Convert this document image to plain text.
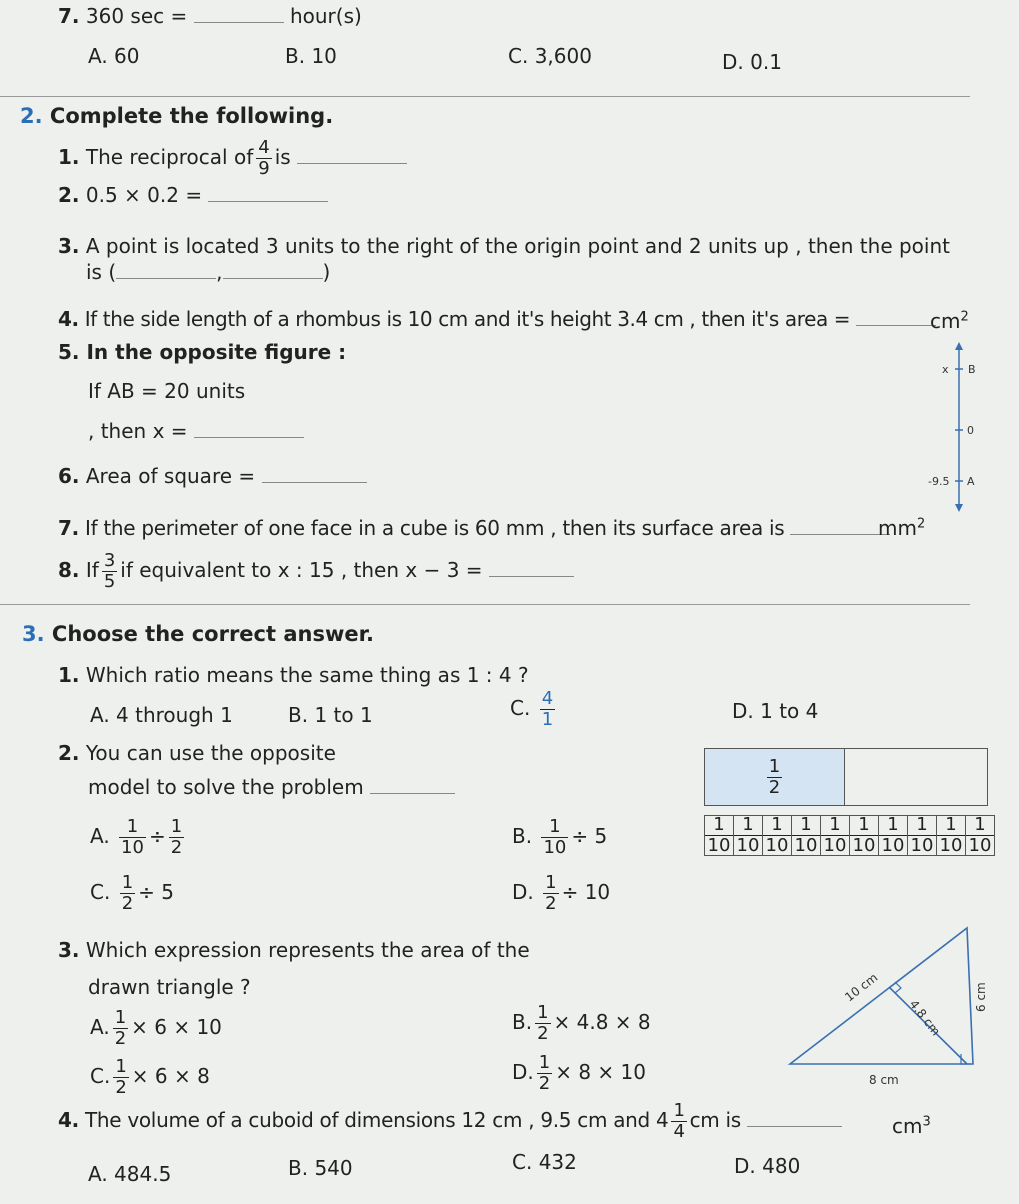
7. 360 sec =	hour(s)
A. 60	B. 10	C. 3,600	D. 0.1
2. Complete the following.
1. The reciprocal of $\frac{4}{9}$ is
2. 0.5 × 0.2 =
3. A point is located 3 units to the right of the origin point and 2 units up , then the point
is (	,	)
4. If the side length of a rhombus is 10 cm and it's height 3.4 cm , then it's area =	$cm^2$
5. In the opposite figure :
If AB = 20 units
, then x =
x B
0
-9.5 A
6. Area of square =
7. If the perimeter of one face in a cube is 60 mm , then its surface area is	$mm^2$
8. If $\frac{3}{5}$ if equivalent to x : 15 , then x − 3 =
3. Choose the correct answer.
1. Which ratio means the same thing as 1 : 4 ?
A. 4 through 1	B. 1 to 1	C. $\frac{4}{1}$	D. 1 to 4
2. You can use the opposite
model to solve the problem	$\frac{1}{2}$
$\frac{1}{10} \frac{1}{10} \frac{1}{10} \frac{1}{10} \frac{1}{10} \frac{1}{10} \frac{1}{10} \frac{1}{10} \frac{1}{10} \frac{1}{10}$
A. $\frac{1}{10} \div \frac{1}{2}$	B. $\frac{1}{10} \div 5$
C. $\frac{1}{2} \div 5$	D. $\frac{1}{2} \div 10$
3. Which expression represents the area of the
drawn triangle ?	10 cm
4.8 cm
8 cm
6 cm
A. $\frac{1}{2} \times 6 \times 10$	B. $\frac{1}{2} \times 4.8 \times 8$
C. $\frac{1}{2} \times 6 \times 8$	D. $\frac{1}{2} \times 8 \times 10$
4. The volume of a cuboid of dimensions 12 cm , 9.5 cm and $4 \frac{1}{4}$ cm is	$cm^3$
A. 484.5	B. 540	C. 432	D. 480
